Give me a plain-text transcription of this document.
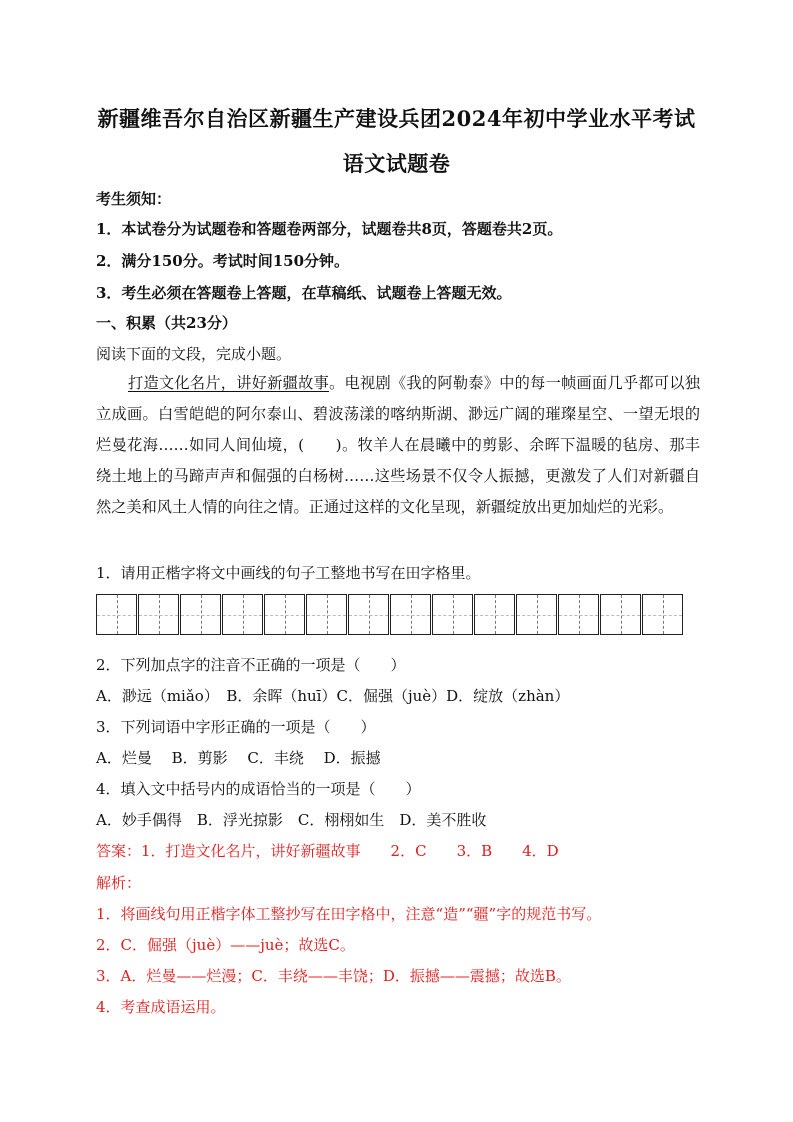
新疆维吾尔自治区新疆生产建设兵团2024年初中学业水平考试
语文试题卷
考生须知：
1．本试卷分为试题卷和答题卷两部分，试题卷共8页，答题卷共2页。
2．满分150分。考试时间150分钟。
3．考生必须在答题卷上答题，在草稿纸、试题卷上答题无效。
一、积累（共23分）
阅读下面的文段，完成小题。
打造文化名片，讲好新疆故事。电视剧《我的阿勒泰》中的每一帧画面几乎都可以独立成画。白雪皑皑的阿尔泰山、碧波荡漾的喀纳斯湖、渺远广阔的璀璨星空、一望无垠的烂曼花海……如同人间仙境，(　　)。牧羊人在晨曦中的剪影、余晖下温暖的毡房、那丰绕土地上的马蹄声声和倔强的白杨树……这些场景不仅令人振撼，更激发了人们对新疆自然之美和风土人情的向往之情。正通过这样的文化呈现，新疆绽放出更加灿烂的光彩。
1．请用正楷字将文中画线的句子工整地书写在田字格里。
2．下列加点字的注音不正确的一项是（　　）
A．渺远（miǎo）　B．余晖（huī）C．倔强（juè）D．绽放（zhàn）
3．下列词语中字形正确的一项是（　　）
A．烂曼　 B．剪影　 C．丰绕　 D．振撼
4．填入文中括号内的成语恰当的一项是（　　）
A．妙手偶得　B．浮光掠影　C．栩栩如生　D．美不胜收
答案：1．打造文化名片，讲好新疆故事　　2．C　　3．B　　4．D
解析：
1．将画线句用正楷字体工整抄写在田字格中，注意“造”“疆”字的规范书写。
2．C．倔强（juè）——juè；故选C。
3．A．烂曼——烂漫；C．丰绕——丰饶；D．振撼——震撼；故选B。
4．考查成语运用。
